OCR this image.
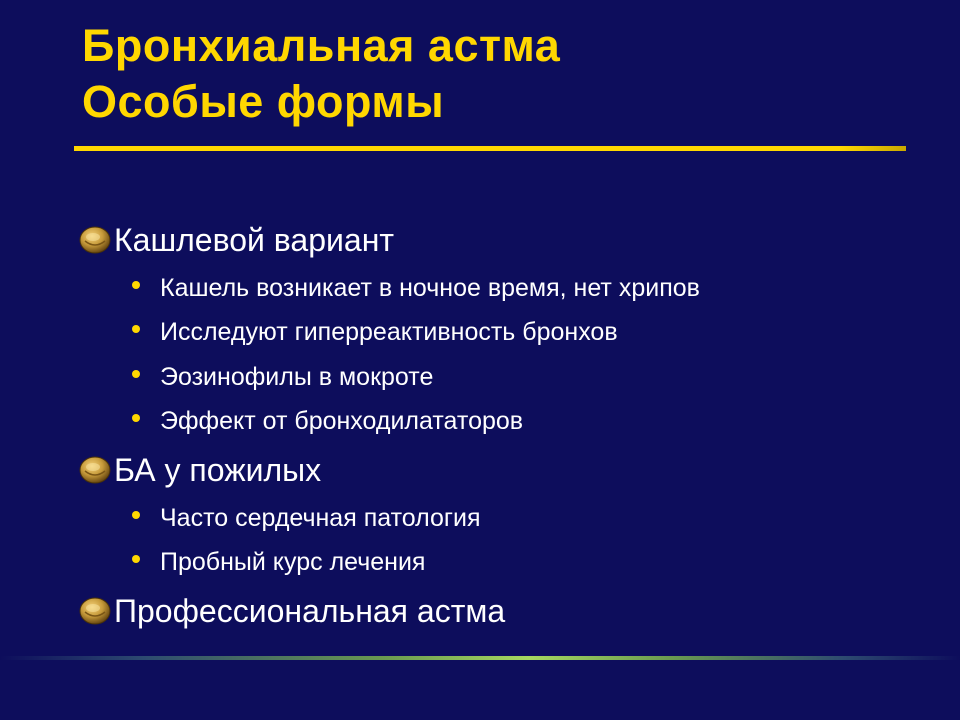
Бронхиальная астма
Особые формы
Кашлевой вариант
Кашель возникает в ночное время, нет хрипов
Исследуют гиперреактивность бронхов
Эозинофилы в мокроте
Эффект от бронходилататоров
БА у пожилых
Часто сердечная патология
Пробный курс лечения
Профессиональная астма
